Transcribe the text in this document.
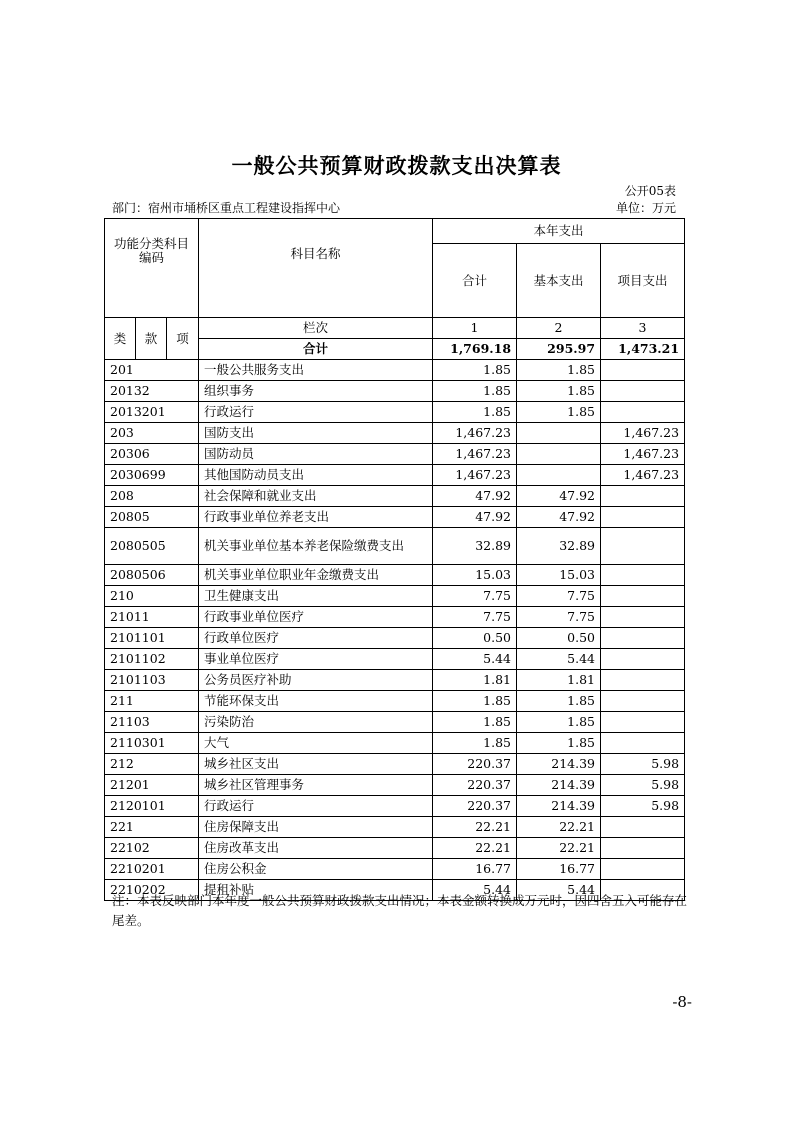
一般公共预算财政拨款支出决算表
公开05表
部门：宿州市埇桥区重点工程建设指挥中心	单位：万元
功能分类科目编码			科目名称	本年支出		
				合计	基本支出	项目支出
类	款	项	栏次	1	2	3
			合计	1,769.18	295.97	1,473.21
201			一般公共服务支出	1.85	1.85	
20132			组织事务	1.85	1.85	
2013201			行政运行	1.85	1.85	
203			国防支出	1,467.23		1,467.23
20306			国防动员	1,467.23		1,467.23
2030699			其他国防动员支出	1,467.23		1,467.23
208			社会保障和就业支出	47.92	47.92	
20805			行政事业单位养老支出	47.92	47.92	
2080505			机关事业单位基本养老保险缴费支出	32.89	32.89	
2080506			机关事业单位职业年金缴费支出	15.03	15.03	
210			卫生健康支出	7.75	7.75	
21011			行政事业单位医疗	7.75	7.75	
2101101			行政单位医疗	0.50	0.50	
2101102			事业单位医疗	5.44	5.44	
2101103			公务员医疗补助	1.81	1.81	
211			节能环保支出	1.85	1.85	
21103			污染防治	1.85	1.85	
2110301			大气	1.85	1.85	
212			城乡社区支出	220.37	214.39	5.98
21201			城乡社区管理事务	220.37	214.39	5.98
2120101			行政运行	220.37	214.39	5.98
221			住房保障支出	22.21	22.21	
22102			住房改革支出	22.21	22.21	
2210201			住房公积金	16.77	16.77	
2210202			提租补贴	5.44	5.44	

注：本表反映部门本年度一般公共预算财政拨款支出情况；本表金额转换成万元时，因四舍五入可能存在尾差。

-8-
